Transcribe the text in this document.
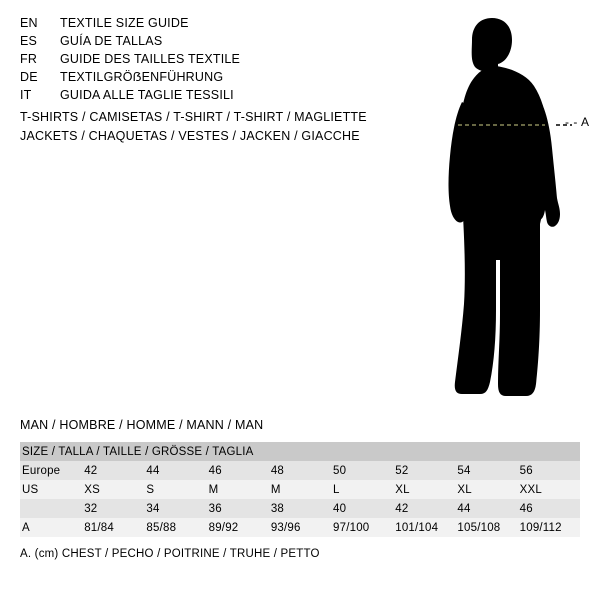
EN	TEXTILE SIZE GUIDE
ES	GUÍA DE TALLAS
FR	GUIDE DES TAILLES TEXTILE
DE	TEXTILGRÖẞENFÜHRUNG
IT	GUIDA ALLE TAGLIE TESSILI
T-SHIRTS / CAMISETAS / T-SHIRT / T-SHIRT / MAGLIETTE
JACKETS / CHAQUETAS / VESTES / JACKEN / GIACCHE
- - A
MAN / HOMBRE / HOMME / MANN / MAN
SIZE / TALLA / TAILLE / GRÖSSE / TAGLIA								
Europe	42	44	46	48	50	52	54	56
US	XS	S	M	M	L	XL	XL	XXL
	32	34	36	38	40	42	44	46
A	81/84	85/88	89/92	93/96	97/100	101/104	105/108	109/112
A. (cm) CHEST / PECHO / POITRINE / TRUHE / PETTO
